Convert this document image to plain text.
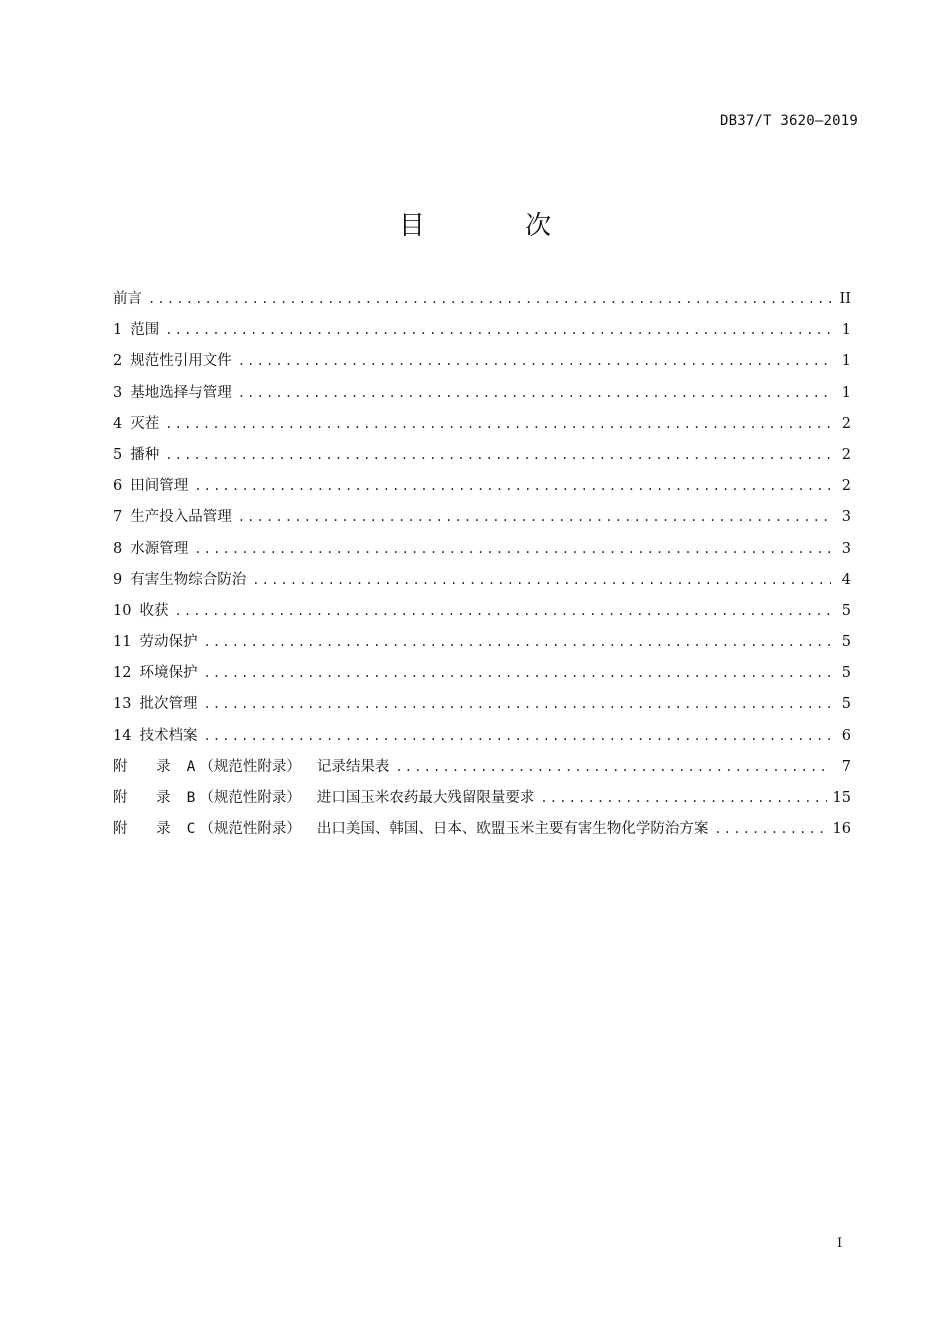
DB37/T 3620—2019
目 次
前言 .....	II
1 范围 .....	1
2 规范性引用文件 .....	1
3 基地选择与管理 .....	1
4 灭茬 .....	2
5 播种 .....	2
6 田间管理 .....	2
7 生产投入品管理 .....	3
8 水源管理 .....	3
9 有害生物综合防治 .....	4
10 收获 .....	5
11 劳动保护 .....	5
12 环境保护 .....	5
13 批次管理 .....	5
14 技术档案 .....	6
附 录 A （规范性附录） 记录结果表 .....	7
附 录 B （规范性附录） 进口国玉米农药最大残留限量要求 .....	15
附 录 C （规范性附录） 出口美国、韩国、日本、欧盟玉米主要有害生物化学防治方案 .....	16
I
